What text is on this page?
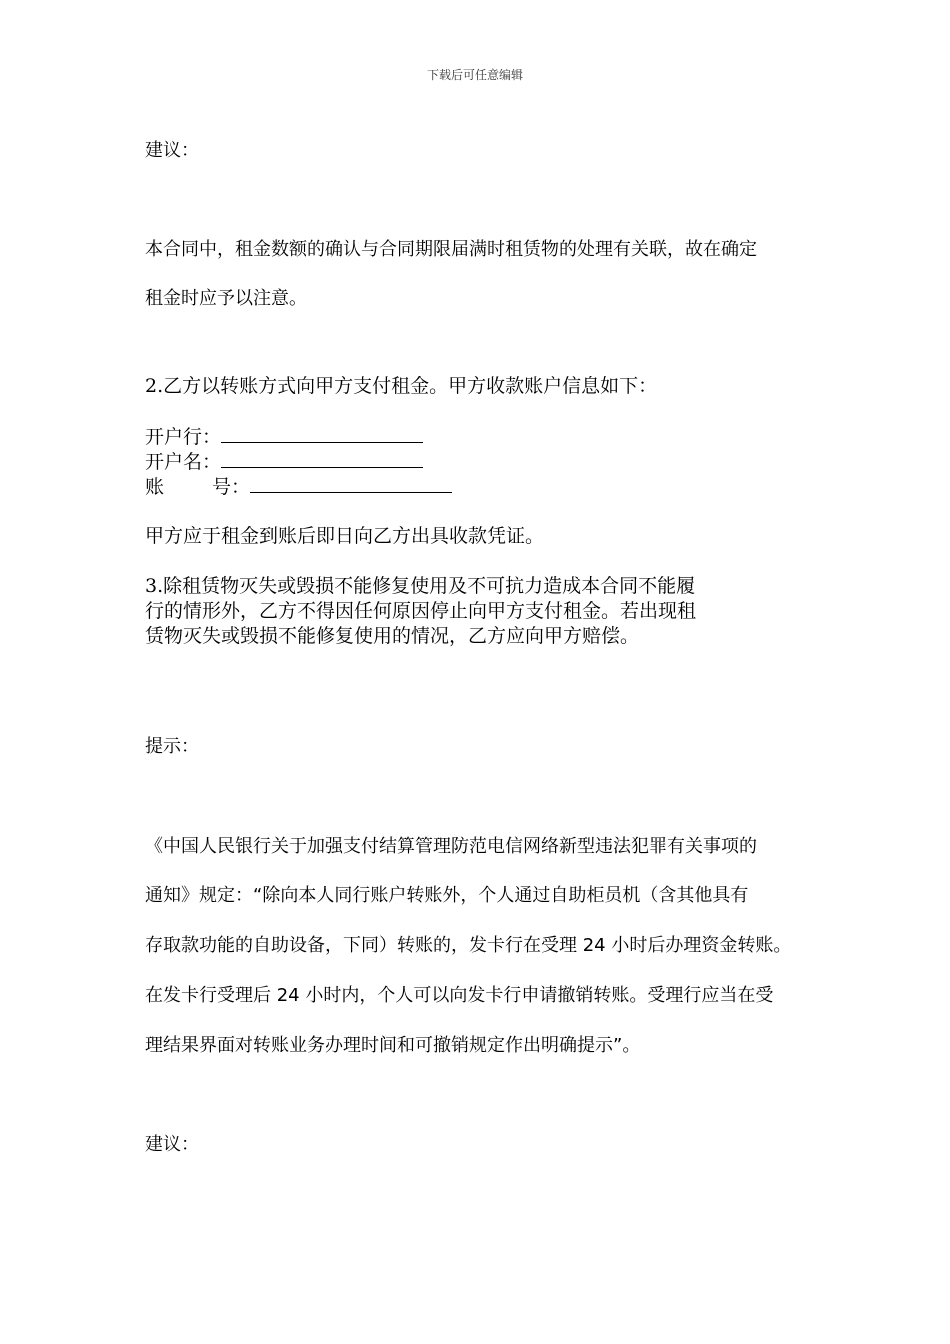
下载后可任意编辑
建议：
本合同中，租金数额的确认与合同期限届满时租赁物的处理有关联，故在确定
租金时应予以注意。
2.乙方以转账方式向甲方支付租金。甲方收款账户信息如下：
开户行：
开户名：
账	号：
甲方应于租金到账后即日向乙方出具收款凭证。
3.除租赁物灭失或毁损不能修复使用及不可抗力造成本合同不能履
行的情形外，乙方不得因任何原因停止向甲方支付租金。若出现租
赁物灭失或毁损不能修复使用的情况，乙方应向甲方赔偿。
提示：
《中国人民银行关于加强支付结算管理防范电信网络新型违法犯罪有关事项的
通知》规定：“除向本人同行账户转账外，个人通过自助柜员机（含其他具有
存取款功能的自助设备，下同）转账的，发卡行在受理 24 小时后办理资金转账。
在发卡行受理后 24 小时内，个人可以向发卡行申请撤销转账。受理行应当在受
理结果界面对转账业务办理时间和可撤销规定作出明确提示”。
建议：
